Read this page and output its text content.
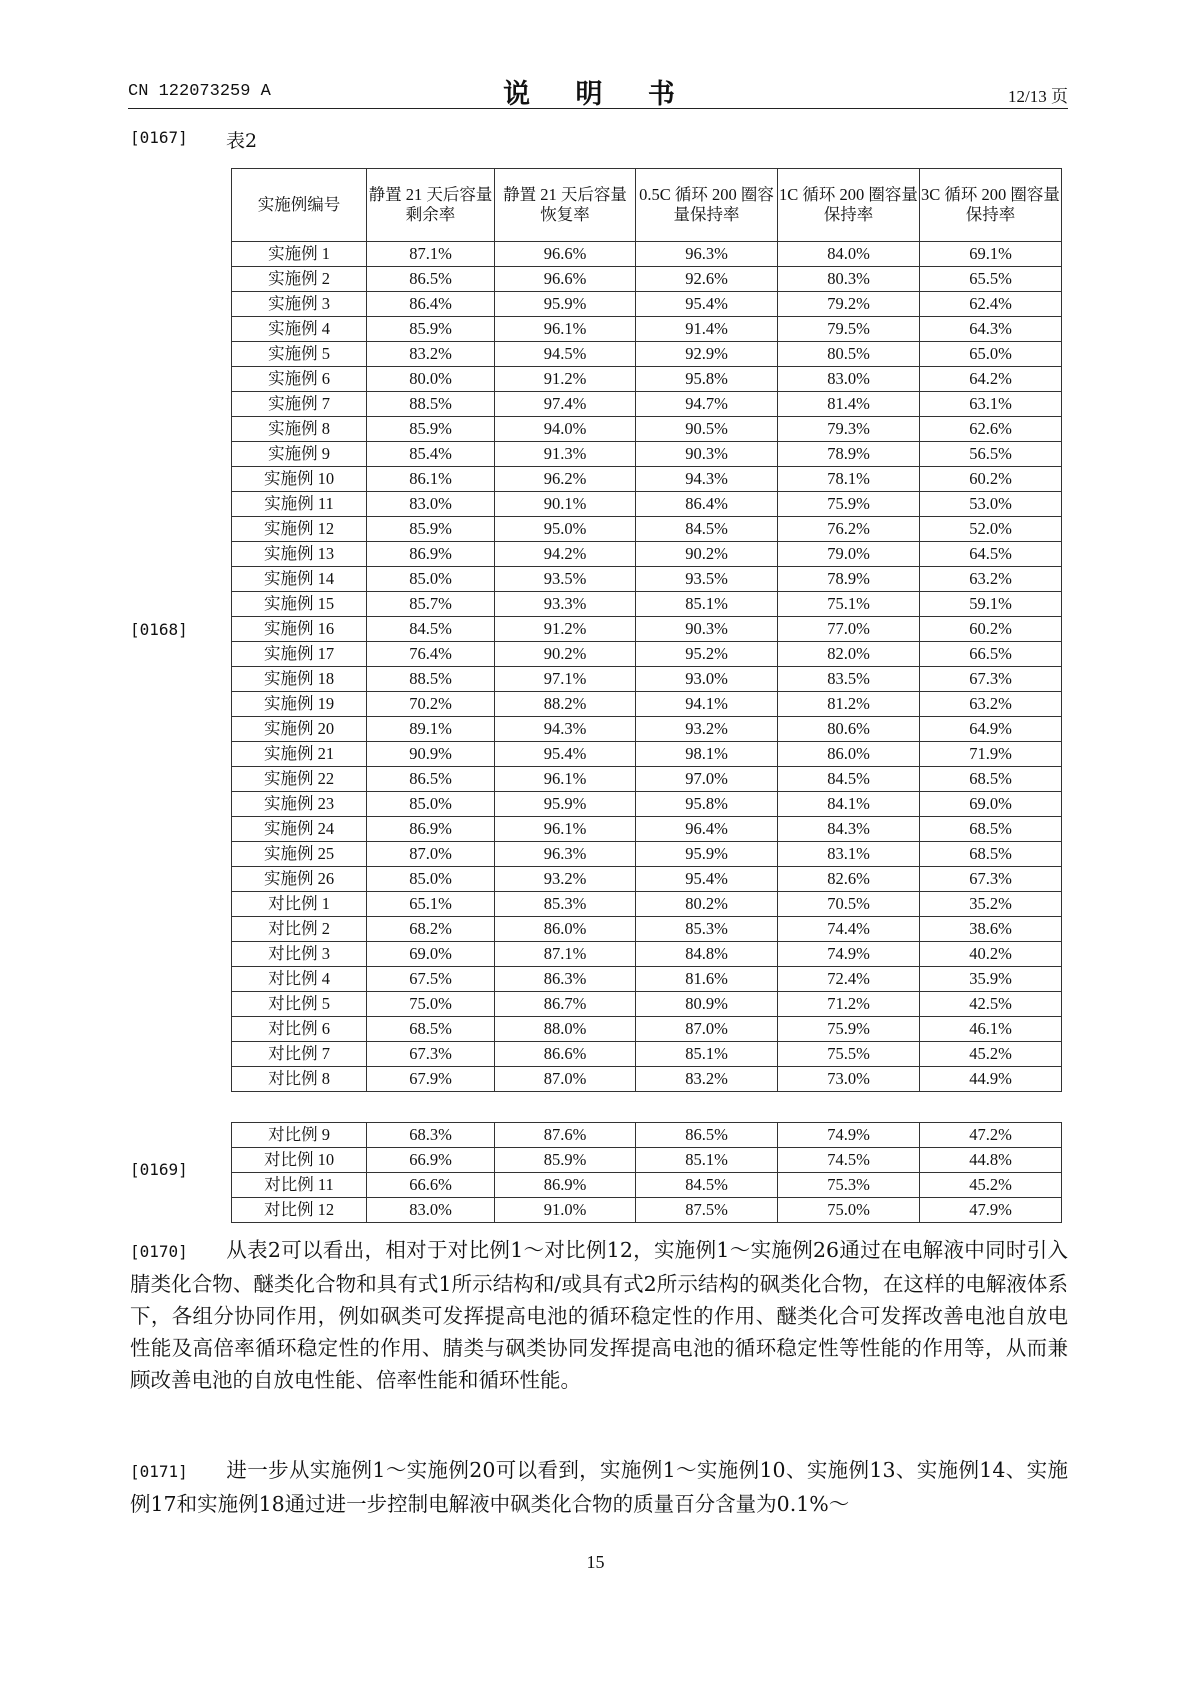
CN 122073259 A	说 明 书	12/13 页
[0167] 表2
[0168]
实施例编号	静置 21 天后容量剩余率	静置 21 天后容量恢复率	0.5C 循环 200 圈容量保持率	1C 循环 200 圈容量保持率	3C 循环 200 圈容量保持率
实施例 1	87.1%	96.6%	96.3%	84.0%	69.1%
实施例 2	86.5%	96.6%	92.6%	80.3%	65.5%
实施例 3	86.4%	95.9%	95.4%	79.2%	62.4%
实施例 4	85.9%	96.1%	91.4%	79.5%	64.3%
实施例 5	83.2%	94.5%	92.9%	80.5%	65.0%
实施例 6	80.0%	91.2%	95.8%	83.0%	64.2%
实施例 7	88.5%	97.4%	94.7%	81.4%	63.1%
实施例 8	85.9%	94.0%	90.5%	79.3%	62.6%
实施例 9	85.4%	91.3%	90.3%	78.9%	56.5%
实施例 10	86.1%	96.2%	94.3%	78.1%	60.2%
实施例 11	83.0%	90.1%	86.4%	75.9%	53.0%
实施例 12	85.9%	95.0%	84.5%	76.2%	52.0%
实施例 13	86.9%	94.2%	90.2%	79.0%	64.5%
实施例 14	85.0%	93.5%	93.5%	78.9%	63.2%
实施例 15	85.7%	93.3%	85.1%	75.1%	59.1%
实施例 16	84.5%	91.2%	90.3%	77.0%	60.2%
实施例 17	76.4%	90.2%	95.2%	82.0%	66.5%
实施例 18	88.5%	97.1%	93.0%	83.5%	67.3%
实施例 19	70.2%	88.2%	94.1%	81.2%	63.2%
实施例 20	89.1%	94.3%	93.2%	80.6%	64.9%
实施例 21	90.9%	95.4%	98.1%	86.0%	71.9%
实施例 22	86.5%	96.1%	97.0%	84.5%	68.5%
实施例 23	85.0%	95.9%	95.8%	84.1%	69.0%
实施例 24	86.9%	96.1%	96.4%	84.3%	68.5%
实施例 25	87.0%	96.3%	95.9%	83.1%	68.5%
实施例 26	85.0%	93.2%	95.4%	82.6%	67.3%
对比例 1	65.1%	85.3%	80.2%	70.5%	35.2%
对比例 2	68.2%	86.0%	85.3%	74.4%	38.6%
对比例 3	69.0%	87.1%	84.8%	74.9%	40.2%
对比例 4	67.5%	86.3%	81.6%	72.4%	35.9%
对比例 5	75.0%	86.7%	80.9%	71.2%	42.5%
对比例 6	68.5%	88.0%	87.0%	75.9%	46.1%
对比例 7	67.3%	86.6%	85.1%	75.5%	45.2%
对比例 8	67.9%	87.0%	83.2%	73.0%	44.9%
[0169]
对比例 9	68.3%	87.6%	86.5%	74.9%	47.2%
对比例 10	66.9%	85.9%	85.1%	74.5%	44.8%
对比例 11	66.6%	86.9%	84.5%	75.3%	45.2%
对比例 12	83.0%	91.0%	87.5%	75.0%	47.9%
[0170] 从表2可以看出，相对于对比例1～对比例12，实施例1～实施例26通过在电解液中同时引入腈类化合物、醚类化合物和具有式1所示结构和/或具有式2所示结构的砜类化合物，在这样的电解液体系下，各组分协同作用，例如砜类可发挥提高电池的循环稳定性的作用、醚类化合可发挥改善电池自放电性能及高倍率循环稳定性的作用、腈类与砜类协同发挥提高电池的循环稳定性等性能的作用等，从而兼顾改善电池的自放电性能、倍率性能和循环性能。
[0171] 进一步从实施例1～实施例20可以看到，实施例1～实施例10、实施例13、实施例14、实施例17和实施例18通过进一步控制电解液中砜类化合物的质量百分含量为0.1%～
15
